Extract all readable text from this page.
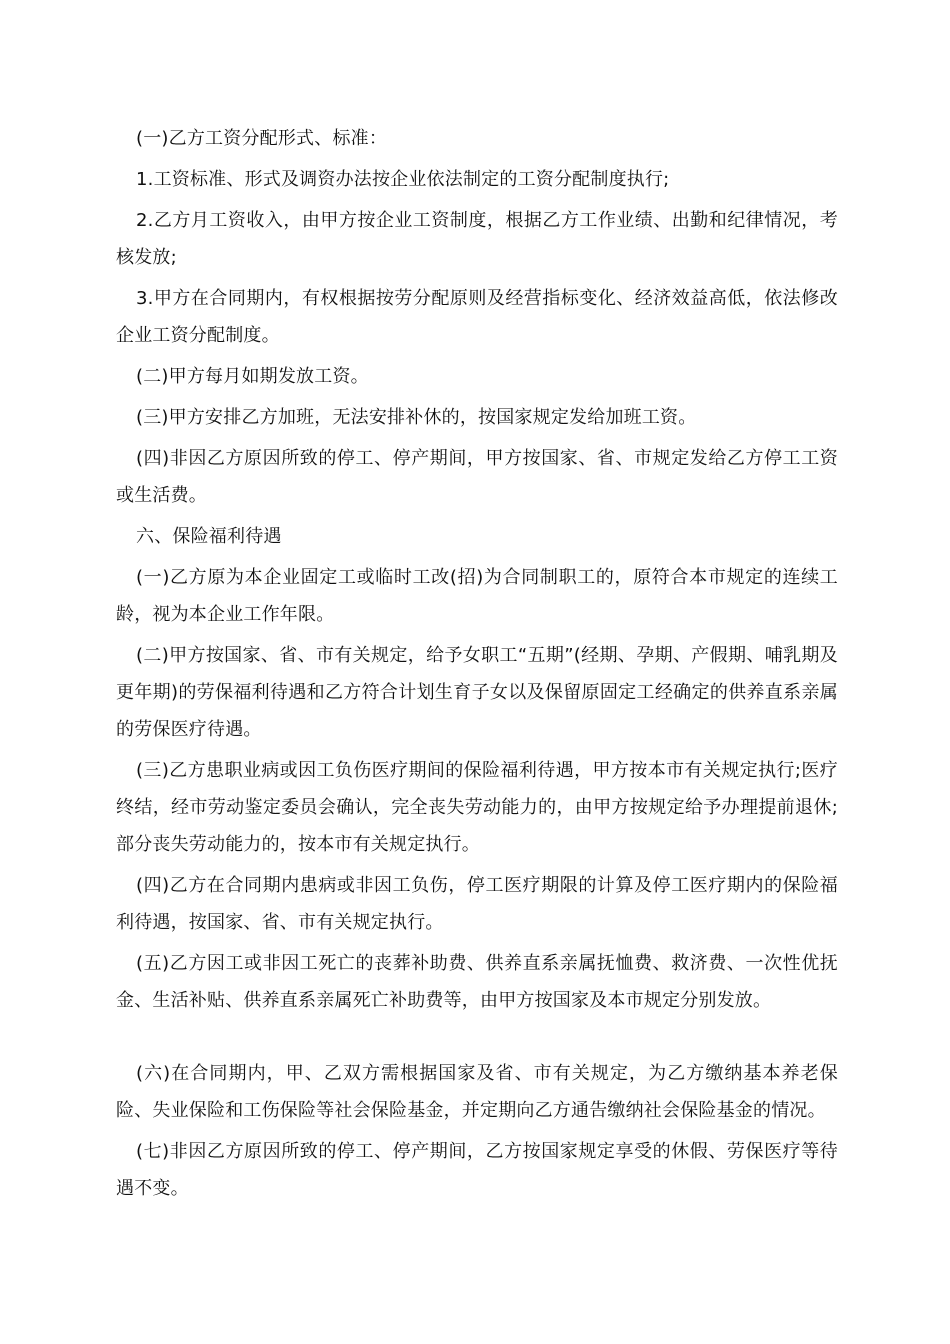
(一)乙方工资分配形式、标准：

1.工资标准、形式及调资办法按企业依法制定的工资分配制度执行;

2.乙方月工资收入，由甲方按企业工资制度，根据乙方工作业绩、出勤和纪律情况，考核发放;

3.甲方在合同期内，有权根据按劳分配原则及经营指标变化、经济效益高低，依法修改企业工资分配制度。

(二)甲方每月如期发放工资。

(三)甲方安排乙方加班，无法安排补休的，按国家规定发给加班工资。

(四)非因乙方原因所致的停工、停产期间，甲方按国家、省、市规定发给乙方停工工资或生活费。

六、保险福利待遇

(一)乙方原为本企业固定工或临时工改(招)为合同制职工的，原符合本市规定的连续工龄，视为本企业工作年限。

(二)甲方按国家、省、市有关规定，给予女职工“五期”(经期、孕期、产假期、哺乳期及更年期)的劳保福利待遇和乙方符合计划生育子女以及保留原固定工经确定的供养直系亲属的劳保医疗待遇。

(三)乙方患职业病或因工负伤医疗期间的保险福利待遇，甲方按本市有关规定执行;医疗终结，经市劳动鉴定委员会确认，完全丧失劳动能力的，由甲方按规定给予办理提前退休;部分丧失劳动能力的，按本市有关规定执行。

(四)乙方在合同期内患病或非因工负伤，停工医疗期限的计算及停工医疗期内的保险福利待遇，按国家、省、市有关规定执行。

(五)乙方因工或非因工死亡的丧葬补助费、供养直系亲属抚恤费、救济费、一次性优抚金、生活补贴、供养直系亲属死亡补助费等，由甲方按国家及本市规定分别发放。

(六)在合同期内，甲、乙双方需根据国家及省、市有关规定，为乙方缴纳基本养老保险、失业保险和工伤保险等社会保险基金，并定期向乙方通告缴纳社会保险基金的情况。

(七)非因乙方原因所致的停工、停产期间，乙方按国家规定享受的休假、劳保医疗等待遇不变。
